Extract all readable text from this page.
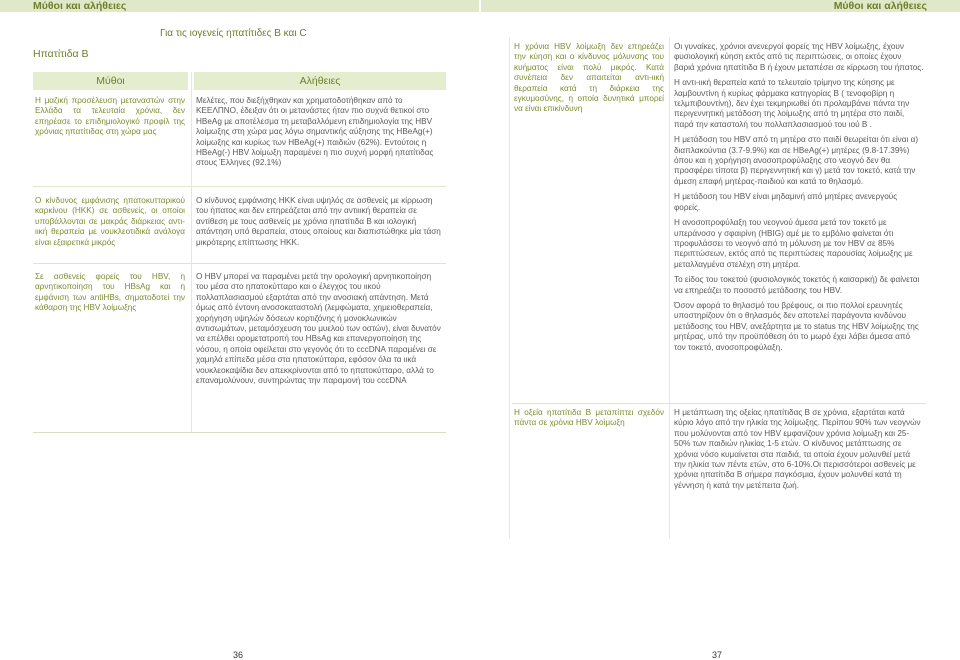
Μύθοι και αλήθειες	Μύθοι και αλήθειες
Ηπατίτιδα Β
Για τις ιογενείς ηπατίτιδες Β και C
Μύθοι	Αλήθειες
Η μαζική προσέλευση μεταναστών στην Ελλάδα τα τελευταία χρόνια, δεν επηρέασε το επιδημιολογικό προφίλ της χρόνιας ηπατίτιδας στη χώρα μας
Μελέτες, που διεξήχθηκαν και χρηματοδοτήθηκαν από το ΚΕΕΛΠΝΟ, έδειξαν ότι οι μετανάστες ήταν πιο συχνά θετικοί στο HBeAg με αποτέλεσμα τη μεταβαλλόμενη επιδημιολογία της HBV λοίμωξης στη χώρα μας λόγω σημαντικής αύξησης της HBeAg(+) λοίμωξης και κυρίως των HBeAg(+) παιδιών (62%). Εντούτοις η HBeAg(-) HBV λοίμωξη παραμένει η πιο συχνή μορφή ηπατίτιδας στους Έλληνες (92.1%)
Ο κίνδυνος εμφάνισης ηπατοκυτταρικού καρκίνου (ΗΚΚ) σε ασθενείς, οι οποίοι υποβάλλονται σε μακράς διάρκειας αντι-ιική θεραπεία με νουκλεοτιδικά ανάλογα είναι εξαιρετικά μικρός
Ο κίνδυνος εμφάνισης ΗΚΚ είναι υψηλός σε ασθενείς με κίρρωση του ήπατος και δεν επηρεάζεται από την αντιιική θεραπεία σε αντίθεση με τους ασθενείς με χρόνια ηπατίτιδα Β και ιολογική απάντηση υπό θεραπεία, στους οποίους και διαπιστώθηκε μία τάση μικρότερης επίπτωσης ΗΚΚ.
Σε ασθενείς φορείς του HBV, η αρνητικοποίηση του HBsAg και η εμφάνιση των antiHBs, σηματοδοτεί την κάθαρση της HBV λοίμωξης
Ο HBV μπορεί να παραμένει μετά την ορολογική αρνητικοποίηση του μέσα στο ηπατοκύτταρο και ο έλεγχος του ιικού πολλαπλασιασμού εξαρτάται από την ανοσιακή απάντηση. Μετά όμως από έντονη ανοσοκαταστολή (λεμφώματα, χημειοθεραπεία, χορήγηση υψηλών δόσεων κορτιζόνης ή μονοκλωνικών αντισωμάτων, μεταμόσχευση του μυελού των οστών), είναι δυνατόν να επέλθει ορομετατροπή του HBsAg και επανεργοποίηση της νόσου, η οποία οφείλεται στο γεγονός ότι το cccDNA παραμένει σε χαμηλά επίπεδα μέσα στα ηπατοκύτταρα, εφόσον όλα τα ιικά νουκλεοκαψίδια δεν απεκκρίνονται από το ηπατοκύτταρο, αλλά το επαναμολύνουν, συντηρώντας την παραμονή του cccDNA
36
Η χρόνια HBV λοίμωξη δεν επηρεάζει την κύηση και ο κίνδυνος μόλυνσης του κυήματος είναι πολύ μικρός. Κατά συνέπεια δεν απαιτείται αντι-ιική θεραπεία κατά τη διάρκεια της εγκυμοσύνης, η οποία δυνητικά μπορεί να είναι επικίνδυνη

Οι γυναίκες, χρόνιοι ανενεργοί φορείς της HBV λοίμωξης, έχουν φυσιολογική κύηση εκτός από τις περιπτώσεις, οι οποίες έχουν βαριά χρόνια ηπατίτιδα Β ή έχουν μεταπέσει σε κίρρωση του ήπατος.

Η αντι-ιική θεραπεία κατά το τελευταίο τρίμηνο της κύησης με λαμβουντίνη ή κυρίως φάρμακα κατηγορίας Β ( τενοφοβίρη η τελμπιβουντίνη), δεν έχει τεκμηριωθεί ότι προλαμβάνει πάντα την περιγεννητική μετάδοση της λοίμωξης από τη μητέρα στο παιδί, παρά την καταστολή του πολλαπλασιασμού του ιού Β .

Η μετάδοση του HBV από τη μητέρα στο παιδί θεωρείται ότι είναι α) διαπλακούντια (3.7-9.9%) και σε HBeAg(+) μητέρες (9.8-17.39%) όπου και η χορήγηση ανοσοπροφύλαξης στο νεογνό δεν θα προσφέρει τίποτα β) περιγεννητική και γ) μετά τον τοκετό, κατά την άμεση επαφή μητέρας-παιδιού και κατά το θηλασμό.

Η μετάδοση του HBV είναι μηδαμινή από μητέρες ανενεργούς φορείς.

Η ανοσοπροφύλαξη του νεογνού άμεσα μετά τον τοκετό με υπεράνοσο γ σφαιρίνη (HBIG) αμέ με το εμβόλιο φαίνεται ότι προφυλάσσει το νεογνό από τη μόλυνση με τον HBV σε 85% περιπτώσεων, εκτός από τις περιπτώσεις παρουσίας λοίμωξης με μεταλλαγμένα στελέχη στη μητέρα.

Το είδος του τοκετού (φυσιολογικός τοκετός ή καισαρική) δε φαίνεται να επηρεάζει το ποσοστό μετάδοσης του HBV.

Όσον αφορά το θηλασμό του βρέφους, οι πιο πολλοί ερευνητές υποστηρίζουν ότι ο θηλασμός δεν αποτελεί παράγοντα κινδύνου μετάδοσης του HBV, ανεξάρτητα με το status της HBV λοίμωξης της μητέρας, υπό την προϋπόθεση ότι το μωρό έχει λάβει άμεσα από τον τοκετό, ανοσοπροφύλαξη.

Η οξεία ηπατίτιδα Β μεταπίπτει σχεδόν πάντα σε χρόνια HBV λοίμωξη

Η μετάπτωση της οξείας ηπατίτιδας Β σε χρόνια, εξαρτάται κατά κύριο λόγο από την ηλικία της λοίμωξης. Περίπου 90% των νεογνών που μολύνονται από τον HBV εμφανίζουν χρόνια λοίμωξη και 25-50% των παιδιών ηλικίας 1-5 ετών. Ο κίνδυνος μετάπτωσης σε χρόνια νόσο κυμαίνεται στα παιδιά, τα οποία έχουν μολυνθεί μετά την ηλικία των πέντε ετών, στο 6-10%.Οι περισσότεροι ασθενείς με χρόνια ηπατίτιδα Β σήμερα παγκόσμια, έχουν μολυνθεί κατά τη γέννηση ή κατά την μετέπειτα ζωή.

37
